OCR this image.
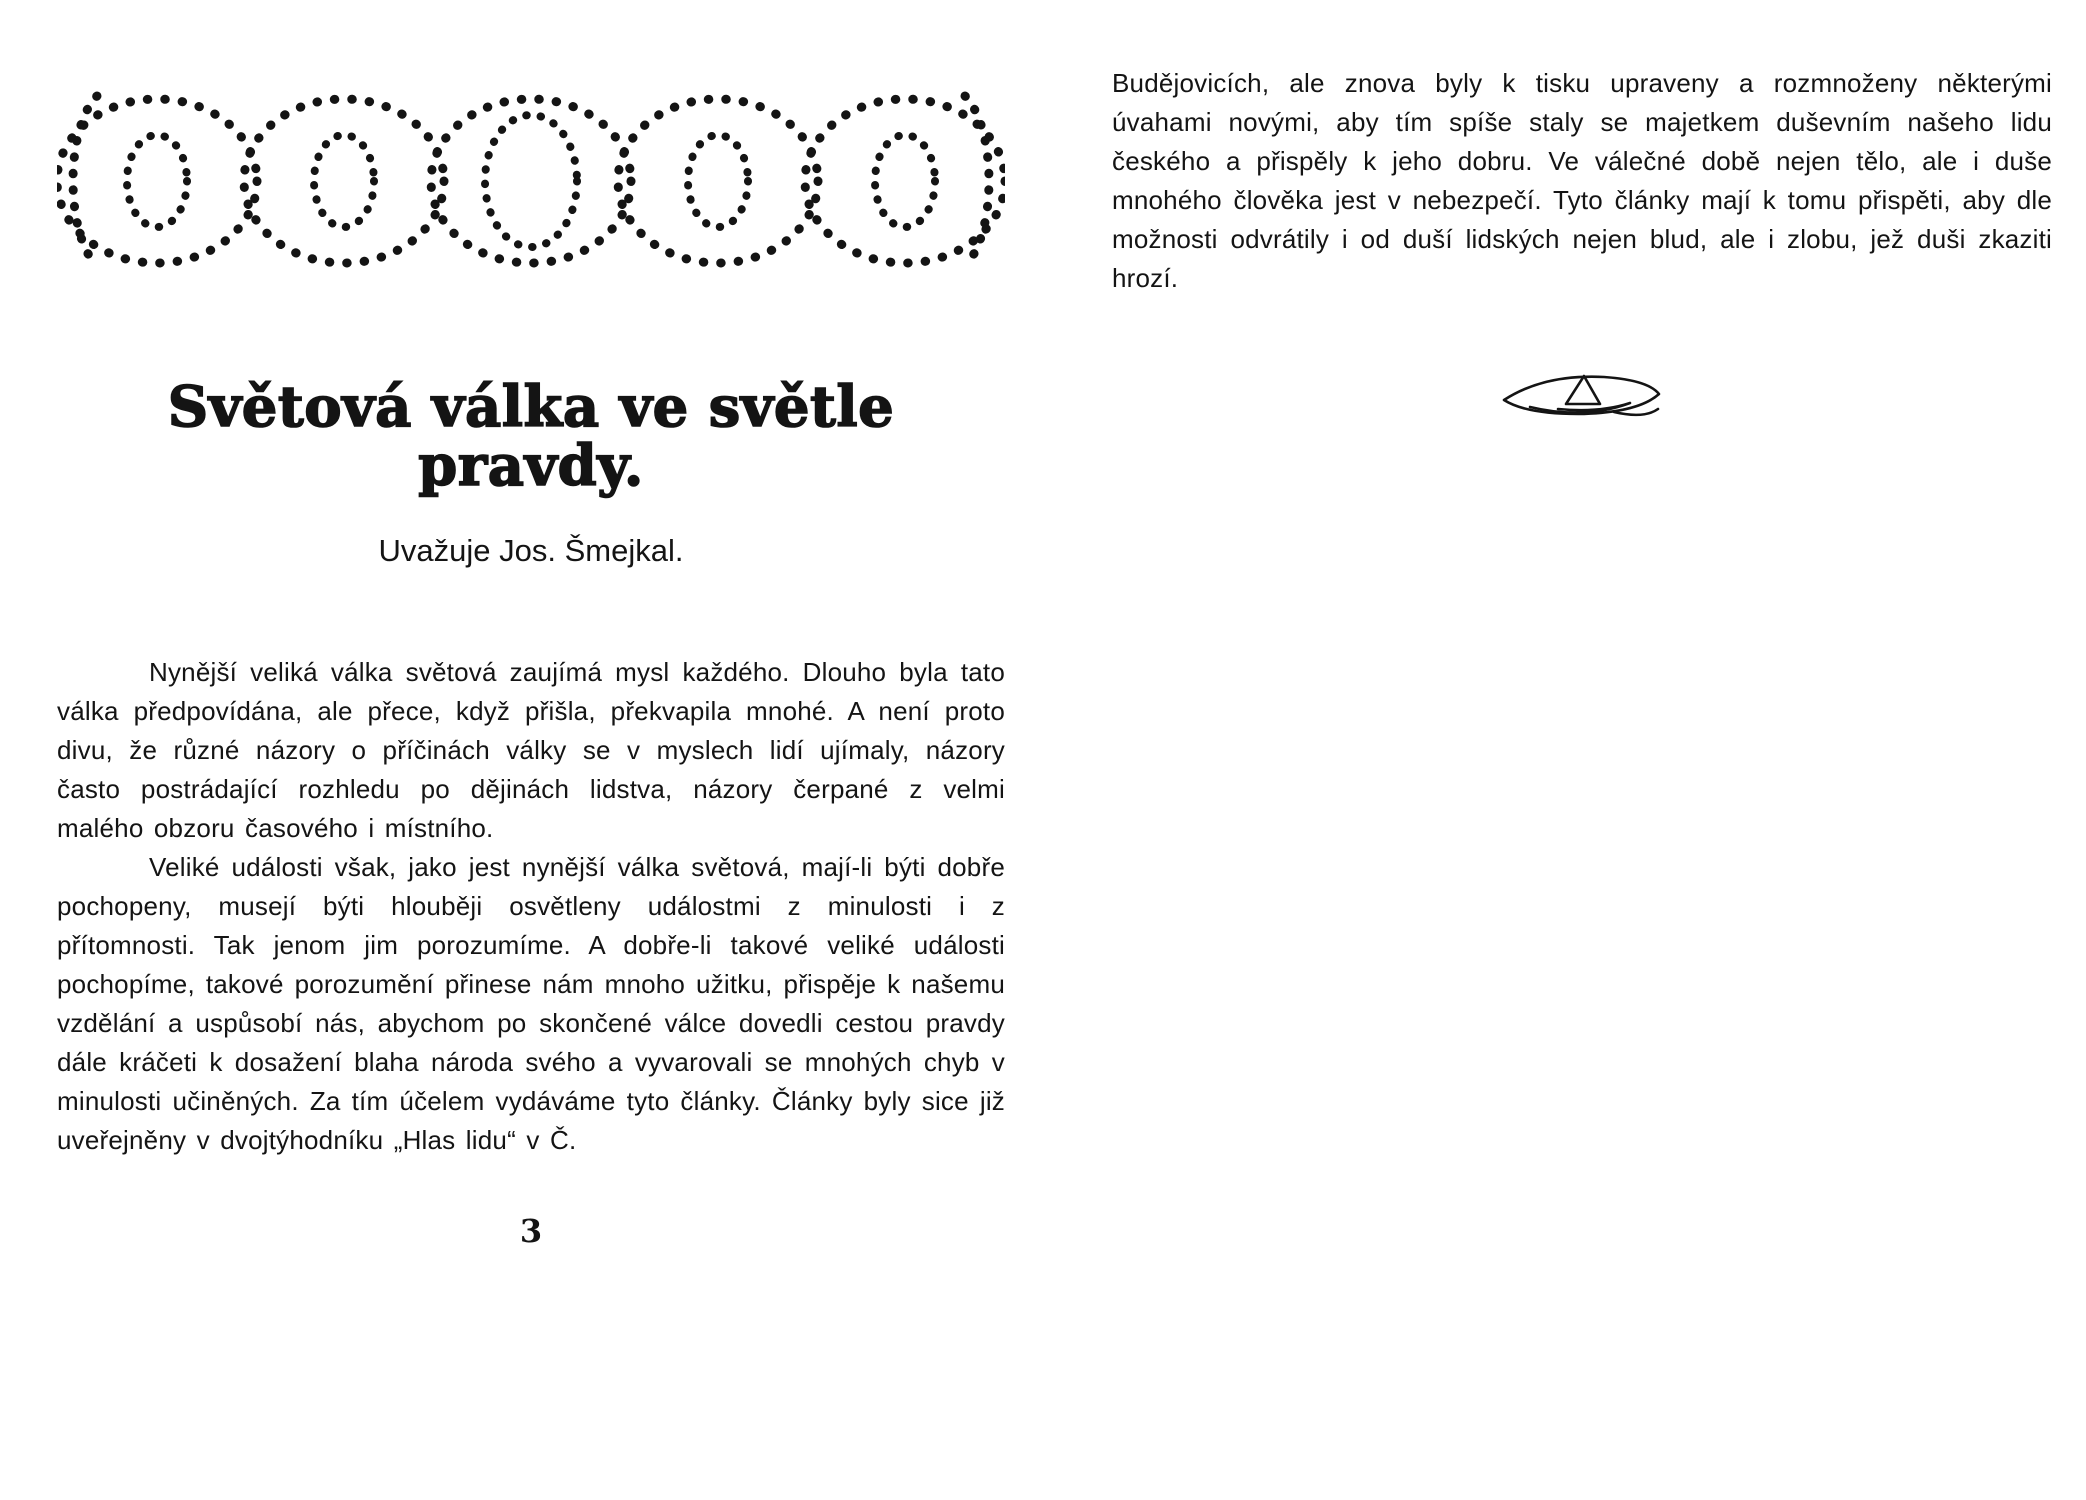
Světová válka ve světle pravdy.
Uvažuje Jos. Šmejkal.

Nynější veliká válka světová zaujímá mysl každého. Dlouho byla tato válka předpovídána, ale přece, když přišla, překvapila mnohé. A není proto divu, že různé názory o příčinách války se v myslech lidí ujímaly, názory často postrádající rozhledu po dějinách lidstva, názory čerpané z velmi malého obzoru časového i místního.

Veliké události však, jako jest nynější válka světová, mají-li býti dobře pochopeny, musejí býti hlouběji osvětleny událostmi z minulosti i z přítomnosti. Tak jenom jim porozumíme. A dobře-li takové veliké události pochopíme, takové porozumění přinese nám mnoho užitku, přispěje k našemu vzdělání a uspůsobí nás, abychom po skončené válce dovedli cestou pravdy dále kráčeti k dosažení blaha národa svého a vyvarovali se mnohých chyb v minulosti učiněných. Za tím účelem vydáváme tyto články. Články byly sice již uveřejněny v dvojtýhodníku „Hlas lidu“ v Č.

3

Budějovicích, ale znova byly k tisku upraveny a rozmnoženy některými úvahami novými, aby tím spíše staly se majetkem duševním našeho lidu českého a přispěly k jeho dobru. Ve válečné době nejen tělo, ale i duše mnohého člověka jest v nebezpečí. Tyto články mají k tomu přispěti, aby dle možnosti odvrátily i od duší lidských nejen blud, ale i zlobu, jež duši zkaziti hrozí.
